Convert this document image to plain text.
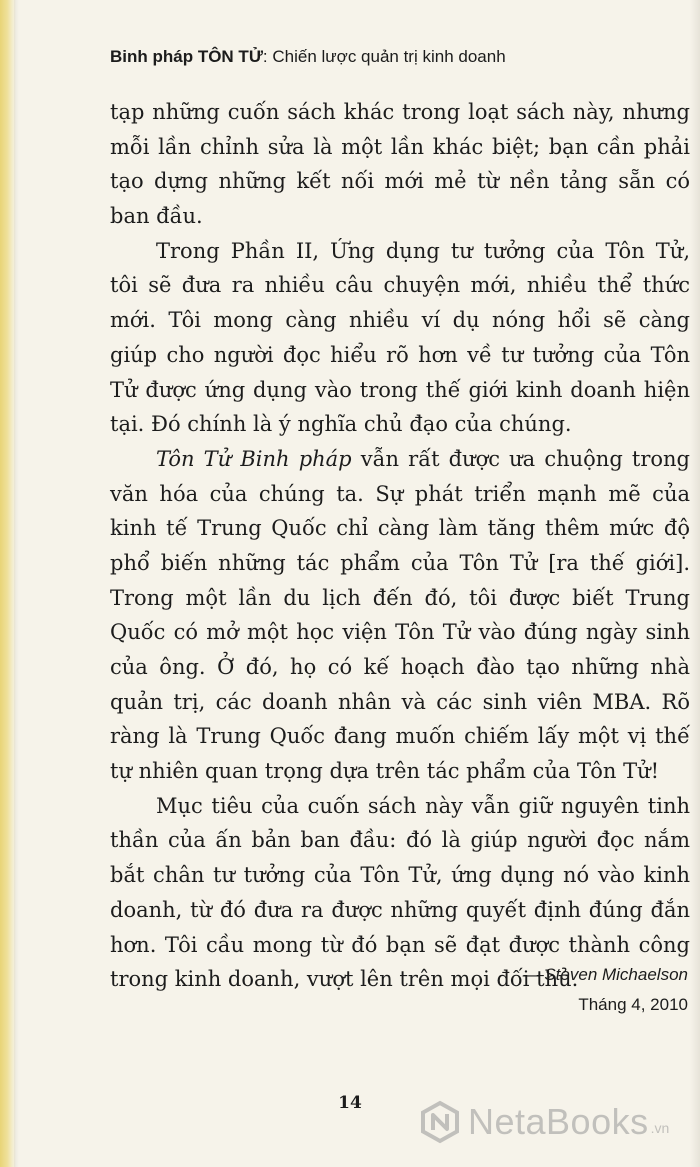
Binh pháp TÔN TỬ: Chiến lược quản trị kinh doanh

tạp những cuốn sách khác trong loạt sách này, nhưng
mỗi lần chỉnh sửa là một lần khác biệt; bạn cần phải
tạo dựng những kết nối mới mẻ từ nền tảng sẵn có
ban đầu.

Trong Phần II, Ứng dụng tư tưởng của Tôn Tử,
tôi sẽ đưa ra nhiều câu chuyện mới, nhiều thể thức
mới. Tôi mong càng nhiều ví dụ nóng hổi sẽ càng
giúp cho người đọc hiểu rõ hơn về tư tưởng của Tôn
Tử được ứng dụng vào trong thế giới kinh doanh hiện
tại. Đó chính là ý nghĩa chủ đạo của chúng.

Tôn Tử Binh pháp vẫn rất được ưa chuộng trong
văn hóa của chúng ta. Sự phát triển mạnh mẽ của
kinh tế Trung Quốc chỉ càng làm tăng thêm mức độ
phổ biến những tác phẩm của Tôn Tử [ra thế giới].
Trong một lần du lịch đến đó, tôi được biết Trung
Quốc có mở một học viện Tôn Tử vào đúng ngày sinh
của ông. Ở đó, họ có kế hoạch đào tạo những nhà
quản trị, các doanh nhân và các sinh viên MBA. Rõ
ràng là Trung Quốc đang muốn chiếm lấy một vị thế
tự nhiên quan trọng dựa trên tác phẩm của Tôn Tử!

Mục tiêu của cuốn sách này vẫn giữ nguyên tinh
thần của ấn bản ban đầu: đó là giúp người đọc nắm
bắt chân tư tưởng của Tôn Tử, ứng dụng nó vào kinh
doanh, từ đó đưa ra được những quyết định đúng đắn
hơn. Tôi cầu mong từ đó bạn sẽ đạt được thành công
trong kinh doanh, vượt lên trên mọi đối thủ.

— Steven Michaelson
Tháng 4, 2010
14	NetaBooks .vn
